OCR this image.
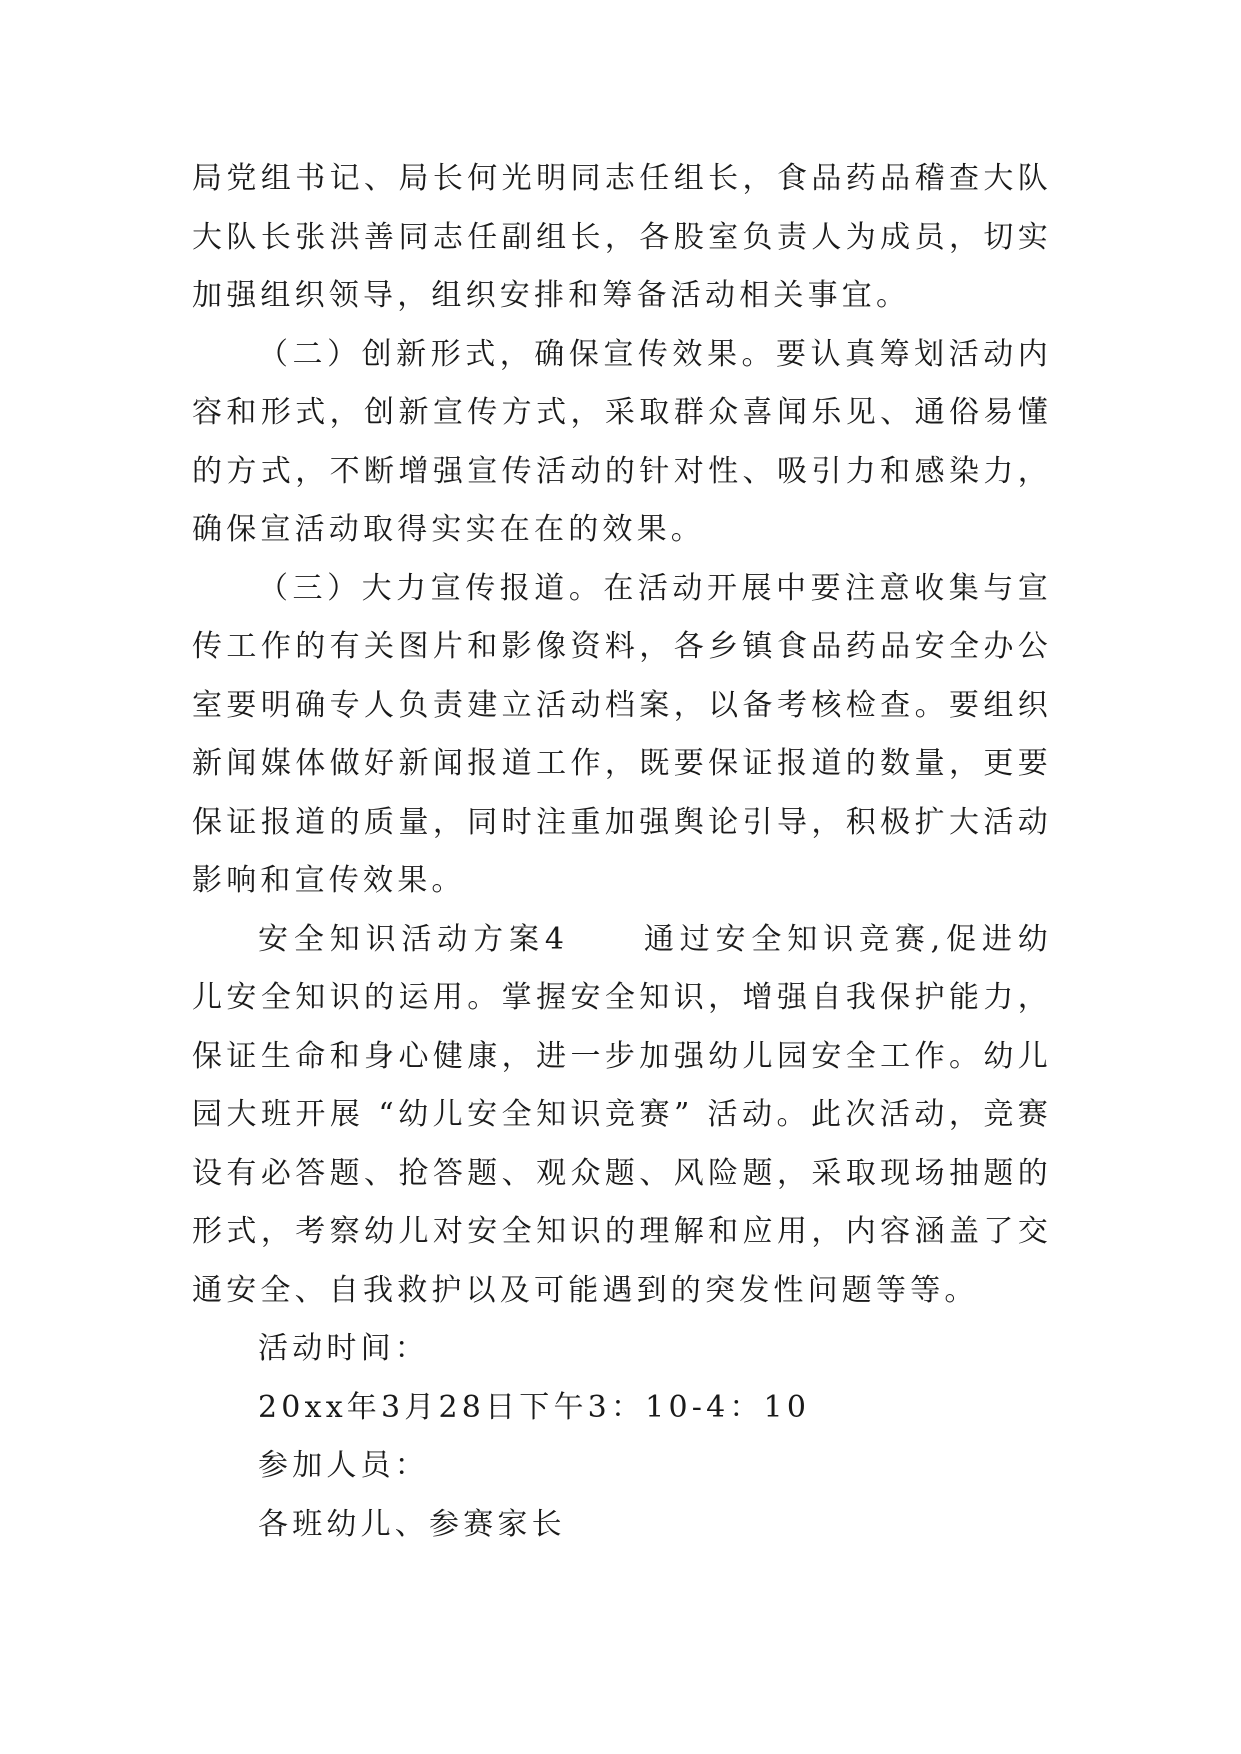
局党组书记、局长何光明同志任组长，食品药品稽查大队大队长张洪善同志任副组长，各股室负责人为成员，切实加强组织领导，组织安排和筹备活动相关事宜。

（二）创新形式，确保宣传效果。要认真筹划活动内容和形式，创新宣传方式，采取群众喜闻乐见、通俗易懂的方式，不断增强宣传活动的针对性、吸引力和感染力，确保宣活动取得实实在在的效果。

（三）大力宣传报道。在活动开展中要注意收集与宣传工作的有关图片和影像资料，各乡镇食品药品安全办公室要明确专人负责建立活动档案，以备考核检查。要组织新闻媒体做好新闻报道工作，既要保证报道的数量，更要保证报道的质量，同时注重加强舆论引导，积极扩大活动影响和宣传效果。

安全知识活动方案4 通过安全知识竞赛,促进幼儿安全知识的运用。掌握安全知识，增强自我保护能力，保证生命和身心健康，进一步加强幼儿园安全工作。幼儿园大班开展 “幼儿安全知识竞赛” 活动。此次活动，竞赛设有必答题、抢答题、观众题、风险题，采取现场抽题的形式，考察幼儿对安全知识的理解和应用，内容涵盖了交通安全、自我救护以及可能遇到的突发性问题等等。

活动时间：

20xx年3月28日下午3：10-4：10

参加人员：

各班幼儿、参赛家长
